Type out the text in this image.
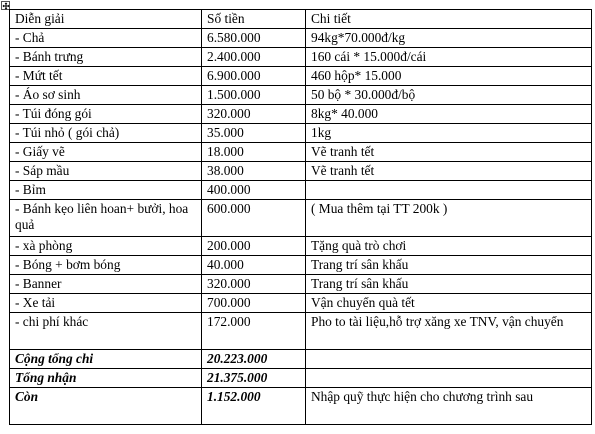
Diễn giải	Số tiền	Chi tiết
- Chả	6.580.000	94kg*70.000đ/kg
- Bánh trưng	2.400.000	160 cái * 15.000đ/cái
- Mứt tết	6.900.000	460 hộp* 15.000
- Áo sơ sinh	1.500.000	50 bộ * 30.000đ/bộ
- Túi đóng gói	320.000	8kg* 40.000
- Túi nhỏ ( gói chả)	35.000	1kg
- Giấy vẽ	18.000	Vẽ tranh tết
- Sáp mầu	38.000	Vẽ tranh tết
- Bỉm	400.000	
- Bánh kẹo liên hoan+ bưởi, hoa quả	600.000	( Mua thêm tại TT 200k )
- xà phòng	200.000	Tặng quà trò chơi
- Bóng + bơm bóng	40.000	Trang trí sân khấu
- Banner	320.000	Trang trí sân khấu
- Xe tải	700.000	Vận chuyển quà tết
- chi phí khác	172.000	Pho to tài liệu,hỗ trợ xăng xe TNV, vận chuyển
Cộng tổng chi	20.223.000	
Tổng nhận	21.375.000	
Còn	1.152.000	Nhập quỹ thực hiện cho chương trình sau
